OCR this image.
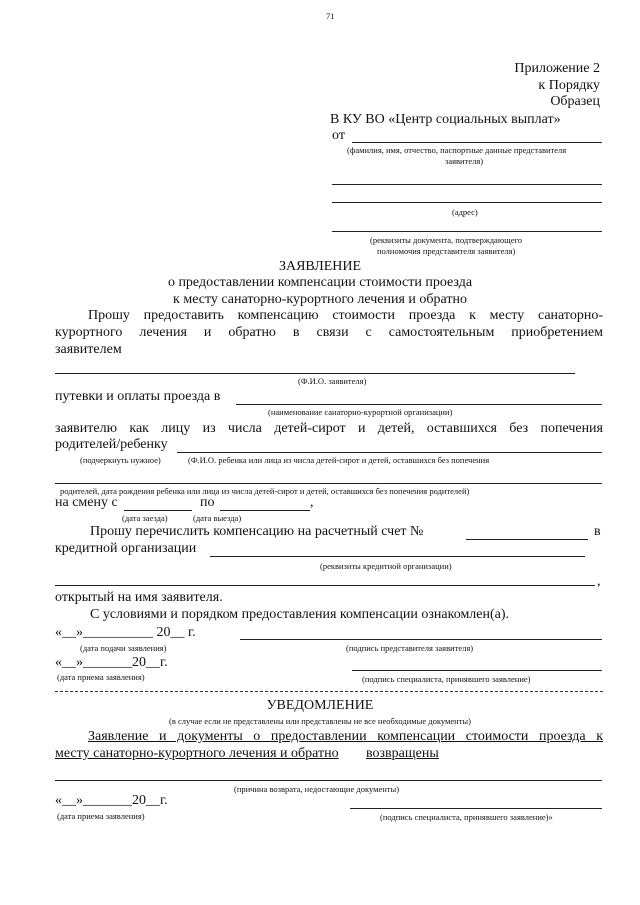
71
Приложение 2
к Порядку
Образец
В КУ ВО «Центр социальных выплат»
от
(фамилия, имя, отчество, паспортные данные представителя
заявителя)
(адрес)
(реквизиты документа, подтверждающего
полномочия представителя заявителя)
ЗАЯВЛЕНИЕ
о предоставлении компенсации стоимости проезда
к месту санаторно-курортного лечения и обратно
Прошу предоставить компенсацию стоимости проезда к месту санаторно-
курортного лечения и обратно в связи с самостоятельным приобретением
заявителем
(Ф.И.О. заявителя)
путевки и оплаты проезда в
(наименование санаторно-курортной организации)
заявителю как лицу из числа детей-сирот и детей, оставшихся без попечения
родителей/ребенку
(подчеркнуть нужное)	(Ф.И.О. ребенка или лица из числа детей-сирот и детей, оставшихся без попечения
родителей, дата рождения ребенка или лица из числа детей-сирот и детей, оставшихся без попечения родителей)
на смену с	по	,
(дата заезда)	(дата выезда)
Прошу перечислить компенсацию на расчетный счет №	в
кредитной организации
(реквизиты кредитной организации)
,
открытый на имя заявителя.
С условиями и порядком предоставления компенсации ознакомлен(а).
«__»__________ 20__ г.
(дата подачи заявления)	(подпись представителя заявителя)
«__»_______20__г.
(дата приема заявления)	(подпись специалиста, принявшего заявление)
УВЕДОМЛЕНИЕ
(в случае если не представлены или представлены не все необходимые документы)
Заявление и документы о предоставлении компенсации стоимости проезда к
месту санаторно-курортного лечения и обратно возвращены
(причина возврата, недостающие документы)
«__»_______20__г.
(дата приема заявления)	(подпись специалиста, принявшего заявление)»
